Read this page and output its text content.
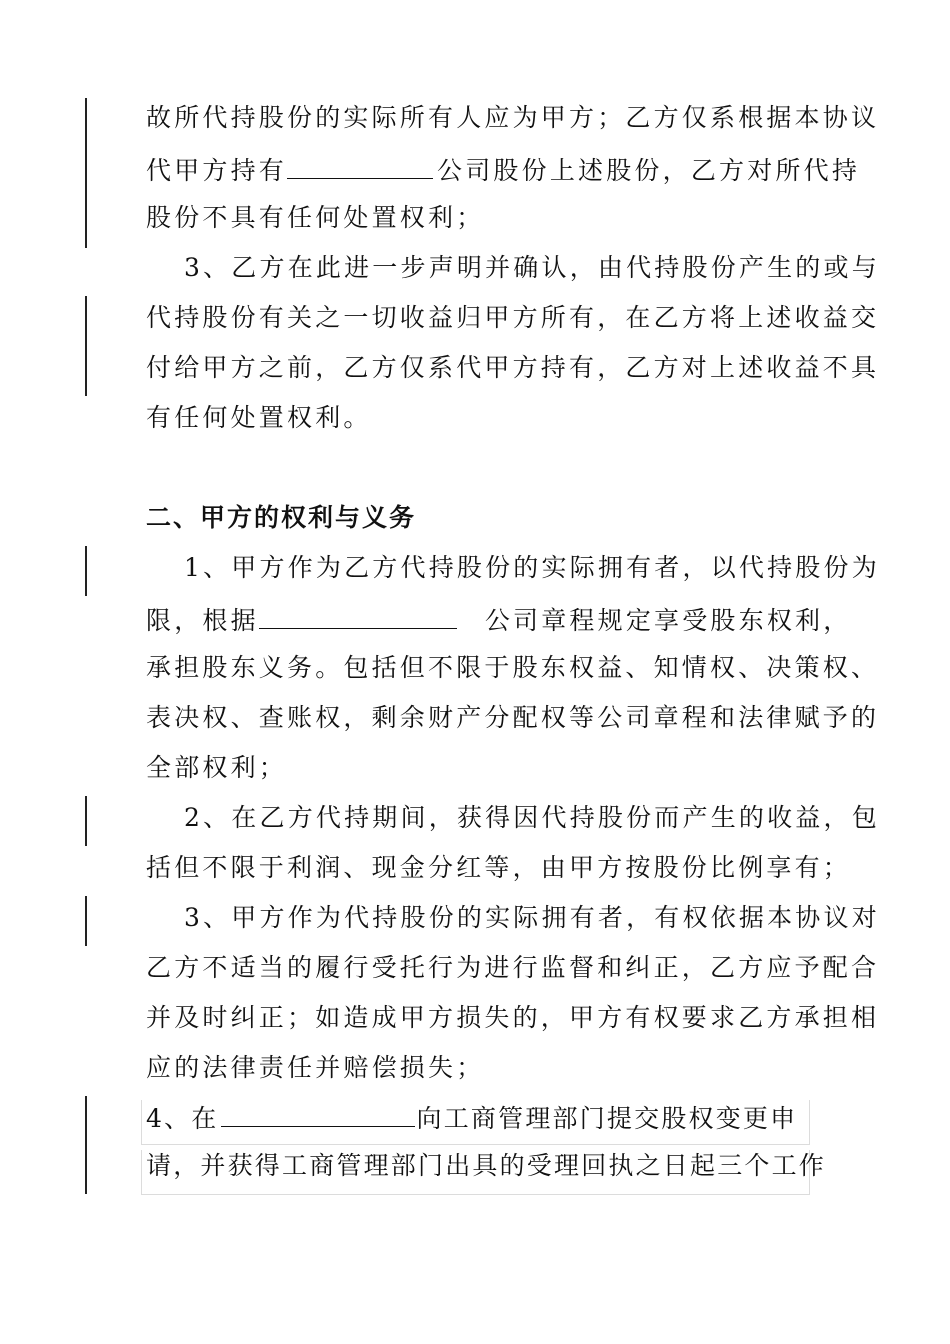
故所代持股份的实际所有人应为甲方；乙方仅系根据本协议
代甲方持有	公司股份上述股份，乙方对所代持
股份不具有任何处置权利；
3、乙方在此进一步声明并确认，由代持股份产生的或与
代持股份有关之一切收益归甲方所有，在乙方将上述收益交
付给甲方之前，乙方仅系代甲方持有，乙方对上述收益不具
有任何处置权利。
二、甲方的权利与义务
1、甲方作为乙方代持股份的实际拥有者，以代持股份为
限，根据	公司章程规定享受股东权利，
承担股东义务。包括但不限于股东权益、知情权、决策权、
表决权、查账权，剩余财产分配权等公司章程和法律赋予的
全部权利；
2、在乙方代持期间，获得因代持股份而产生的收益，包
括但不限于利润、现金分红等，由甲方按股份比例享有；
3、甲方作为代持股份的实际拥有者，有权依据本协议对
乙方不适当的履行受托行为进行监督和纠正，乙方应予配合
并及时纠正；如造成甲方损失的，甲方有权要求乙方承担相
应的法律责任并赔偿损失；
4、在	向工商管理部门提交股权变更申
请，并获得工商管理部门出具的受理回执之日起三个工作
